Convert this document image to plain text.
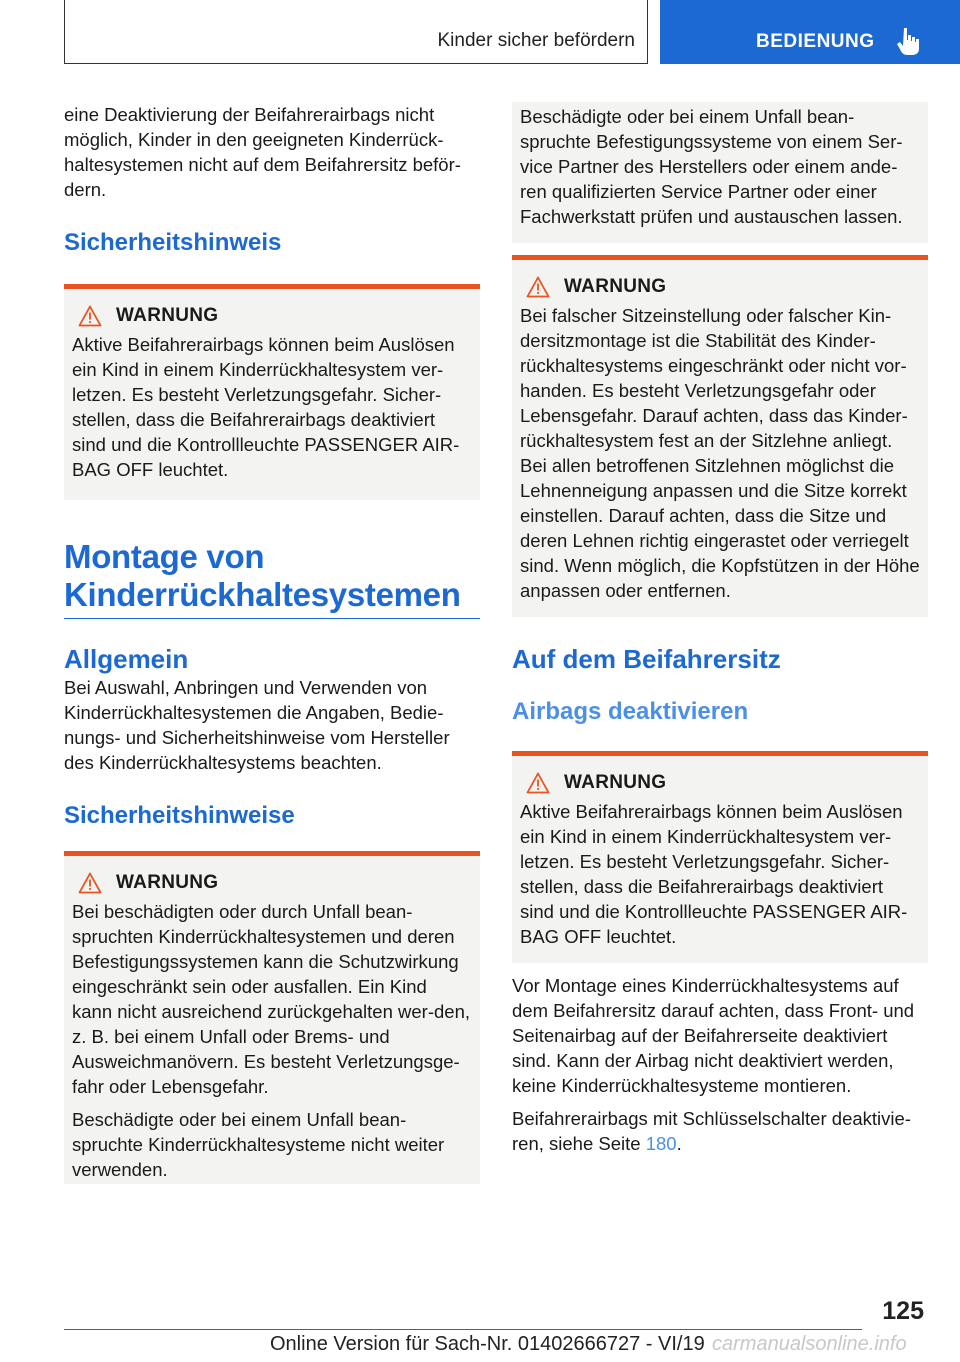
Kinder sicher befördern	BEDIENUNG

eine Deaktivierung der Beifahrerairbags nicht möglich, Kinder in den geeigneten Kinderrück-haltesystemen nicht auf dem Beifahrersitz beför-dern.

Sicherheitshinweis
WARNUNG

Aktive Beifahrerairbags können beim Auslösen ein Kind in einem Kinderrückhaltesystem ver-letzen. Es besteht Verletzungsgefahr. Sicher-stellen, dass die Beifahrerairbags deaktiviert sind und die Kontrollleuchte PASSENGER AIR-BAG OFF leuchtet.

Montage von Kinderrückhaltesystemen
Allgemein

Bei Auswahl, Anbringen und Verwenden von Kinderrückhaltesystemen die Angaben, Bedie-nungs- und Sicherheitshinweise vom Hersteller des Kinderrückhaltesystems beachten.

Sicherheitshinweise
WARNUNG

Bei beschädigten oder durch Unfall bean-spruchten Kinderrückhaltesystemen und deren Befestigungssystemen kann die Schutzwirkung eingeschränkt sein oder ausfallen. Ein Kind kann nicht ausreichend zurückgehalten wer-den, z. B. bei einem Unfall oder Brems- und Ausweichmanövern. Es besteht Verletzungsge-fahr oder Lebensgefahr.

Beschädigte oder bei einem Unfall bean-spruchte Kinderrückhaltesysteme nicht weiter verwenden.

Beschädigte oder bei einem Unfall bean-spruchte Befestigungssysteme von einem Ser-vice Partner des Herstellers oder einem ande-ren qualifizierten Service Partner oder einer Fachwerkstatt prüfen und austauschen lassen.

WARNUNG

Bei falscher Sitzeinstellung oder falscher Kin-dersitzmontage ist die Stabilität des Kinder-rückhaltesystems eingeschränkt oder nicht vor-handen. Es besteht Verletzungsgefahr oder Lebensgefahr. Darauf achten, dass das Kinder-rückhaltesystem fest an der Sitzlehne anliegt. Bei allen betroffenen Sitzlehnen möglichst die Lehnenneigung anpassen und die Sitze korrekt einstellen. Darauf achten, dass die Sitze und deren Lehnen richtig eingerastet oder verriegelt sind. Wenn möglich, die Kopfstützen in der Höhe anpassen oder entfernen.

Auf dem Beifahrersitz
Airbags deaktivieren
WARNUNG

Aktive Beifahrerairbags können beim Auslösen ein Kind in einem Kinderrückhaltesystem ver-letzen. Es besteht Verletzungsgefahr. Sicher-stellen, dass die Beifahrerairbags deaktiviert sind und die Kontrollleuchte PASSENGER AIR-BAG OFF leuchtet.

Vor Montage eines Kinderrückhaltesystems auf dem Beifahrersitz darauf achten, dass Front- und Seitenairbag auf der Beifahrerseite deaktiviert sind. Kann der Airbag nicht deaktiviert werden, keine Kinderrückhaltesysteme montieren.

Beifahrerairbags mit Schlüsselschalter deaktivie-ren, siehe Seite 180.

125
Online Version für Sach-Nr. 01402666727 - VI/19 carmanualsonline.info
